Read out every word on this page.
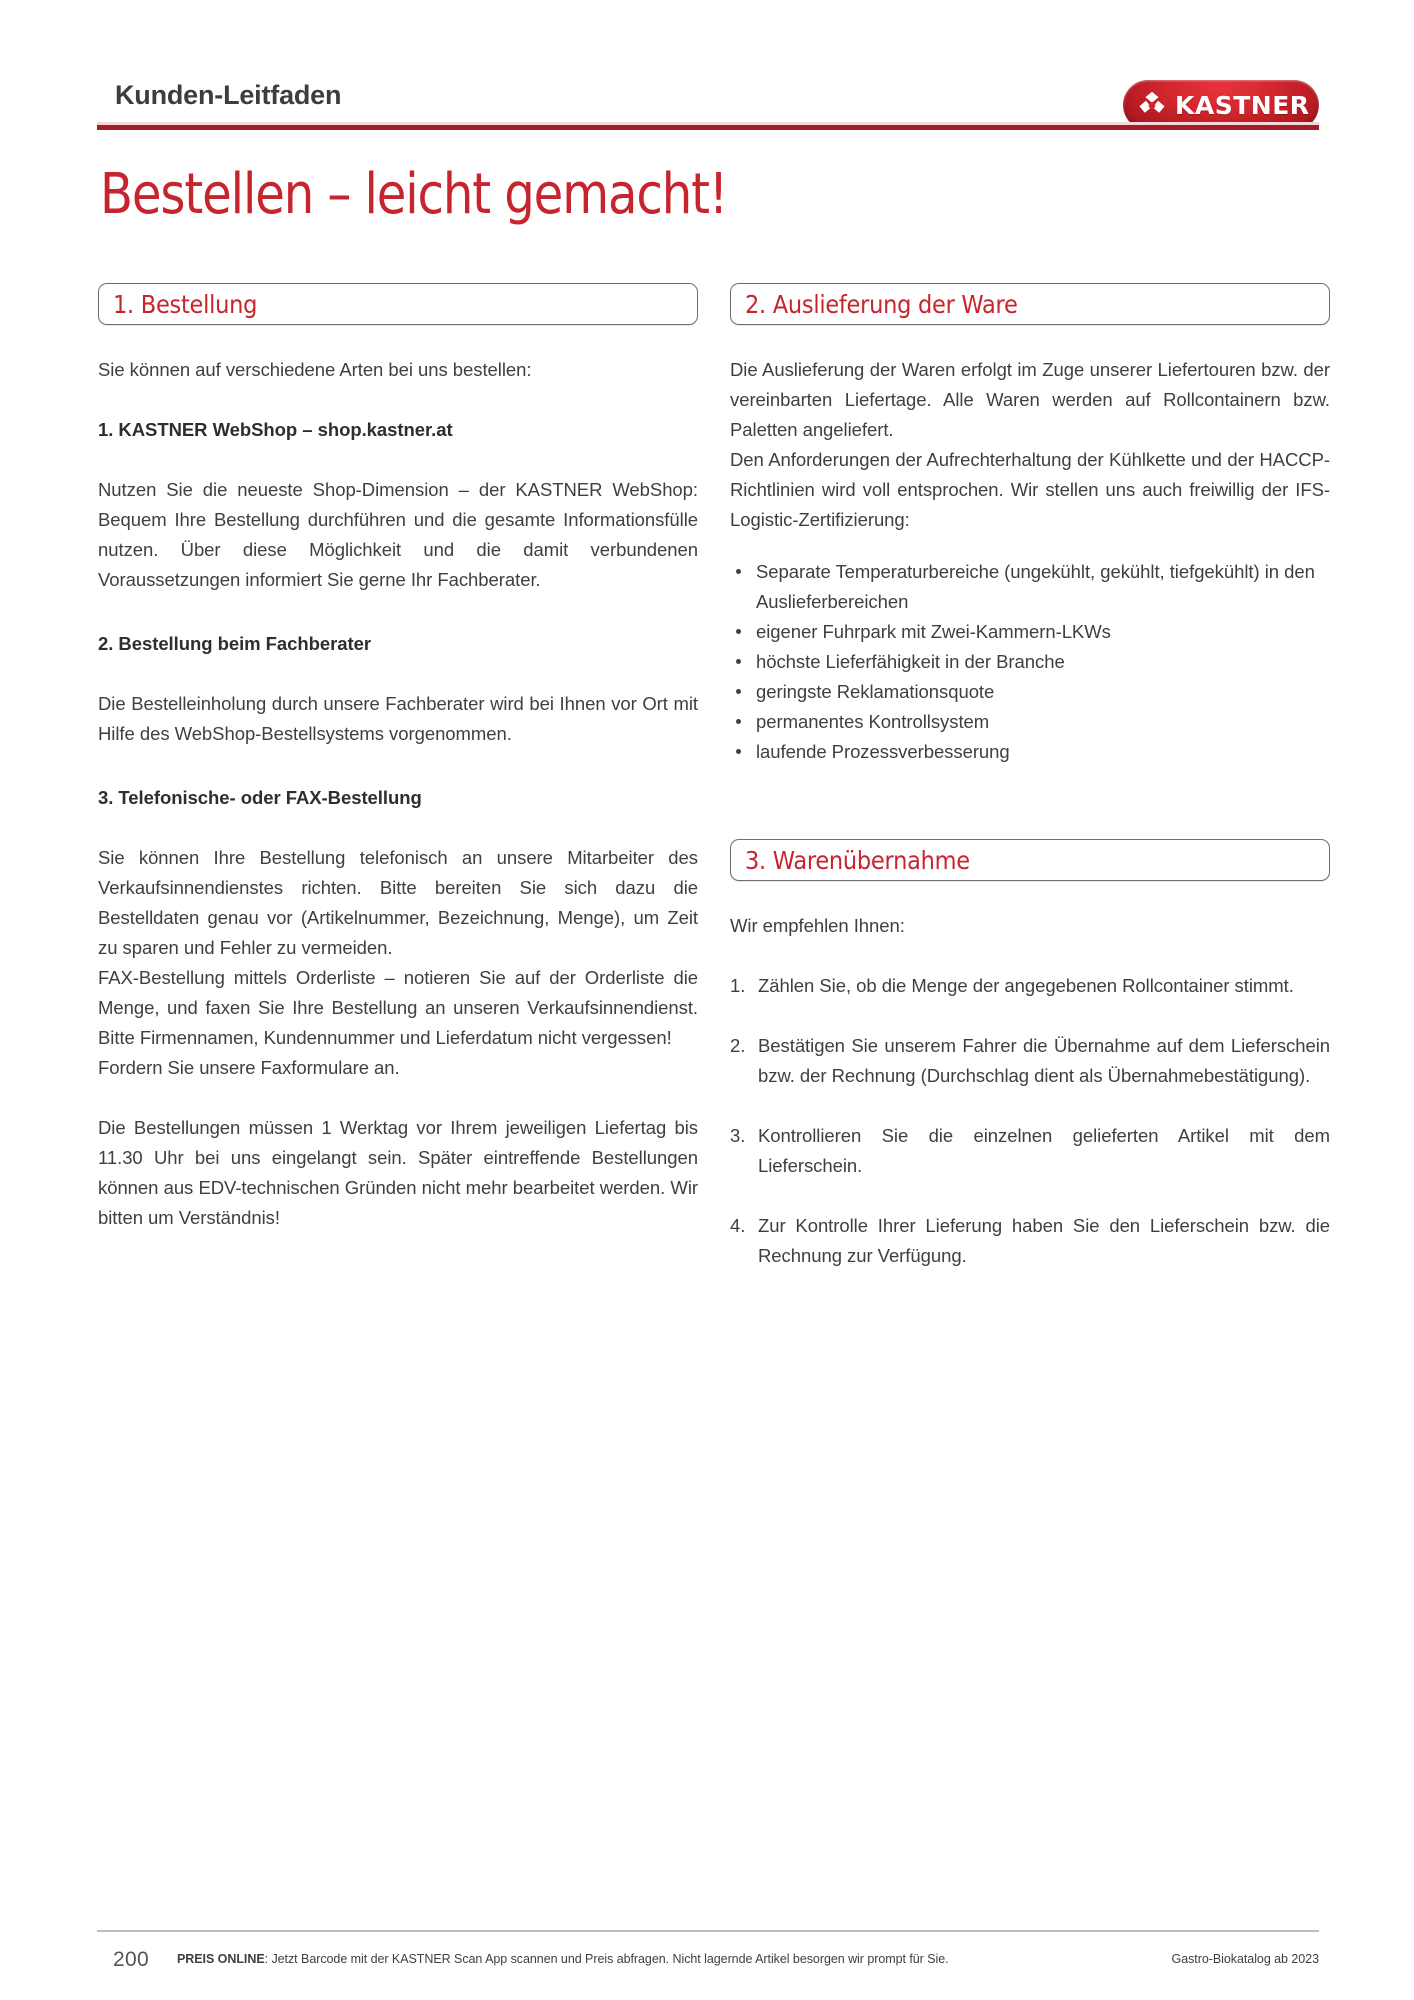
Kunden-Leitfaden	KASTNER
Bestellen – leicht gemacht!
1. Bestellung

Sie können auf verschiedene Arten bei uns bestellen:

1. KASTNER WebShop – shop.kastner.at

Nutzen Sie die neueste Shop-Dimension – der KASTNER WebShop: Bequem Ihre Bestellung durchführen und die gesamte Informationsfülle nutzen. Über diese Möglichkeit und die damit verbundenen Voraussetzungen informiert Sie gerne Ihr Fachberater.

2. Bestellung beim Fachberater

Die Bestelleinholung durch unsere Fachberater wird bei Ihnen vor Ort mit Hilfe des WebShop-Bestellsystems vorgenommen.

3. Telefonische- oder FAX-Bestellung

Sie können Ihre Bestellung telefonisch an unsere Mitarbeiter des Verkaufsinnendienstes richten. Bitte bereiten Sie sich dazu die Bestelldaten genau vor (Artikelnummer, Bezeichnung, Menge), um Zeit zu sparen und Fehler zu vermeiden.

FAX-Bestellung mittels Orderliste – notieren Sie auf der Orderliste die Menge, und faxen Sie Ihre Bestellung an unseren Verkaufsinnendienst. Bitte Firmennamen, Kundennummer und Lieferdatum nicht vergessen!

Fordern Sie unsere Faxformulare an.

Die Bestellungen müssen 1 Werktag vor Ihrem jeweiligen Liefertag bis 11.30 Uhr bei uns eingelangt sein. Später eintreffende Bestellungen können aus EDV-technischen Gründen nicht mehr bearbeitet werden. Wir bitten um Verständnis!

2. Auslieferung der Ware

Die Auslieferung der Waren erfolgt im Zuge unserer Liefertouren bzw. der vereinbarten Liefertage. Alle Waren werden auf Rollcontainern bzw. Paletten angeliefert.

Den Anforderungen der Aufrechterhaltung der Kühlkette und der HACCP-Richtlinien wird voll entsprochen. Wir stellen uns auch freiwillig der IFS-Logistic-Zertifizierung:

Separate Temperaturbereiche (ungekühlt, gekühlt, tiefgekühlt) in den Auslieferbereichen
eigener Fuhrpark mit Zwei-Kammern-LKWs
höchste Lieferfähigkeit in der Branche
geringste Reklamationsquote
permanentes Kontrollsystem
laufende Prozessverbesserung
3. Warenübernahme

Wir empfehlen Ihnen:

1. Zählen Sie, ob die Menge der angegebenen Rollcontainer stimmt.
2. Bestätigen Sie unserem Fahrer die Übernahme auf dem Lieferschein bzw. der Rechnung (Durchschlag dient als Übernahmebestätigung).
3. Kontrollieren Sie die einzelnen gelieferten Artikel mit dem Lieferschein.
4. Zur Kontrolle Ihrer Lieferung haben Sie den Lieferschein bzw. die Rechnung zur Verfügung.
200 PREIS ONLINE: Jetzt Barcode mit der KASTNER Scan App scannen und Preis abfragen. Nicht lagernde Artikel besorgen wir prompt für Sie.	Gastro-Biokatalog ab 2023
